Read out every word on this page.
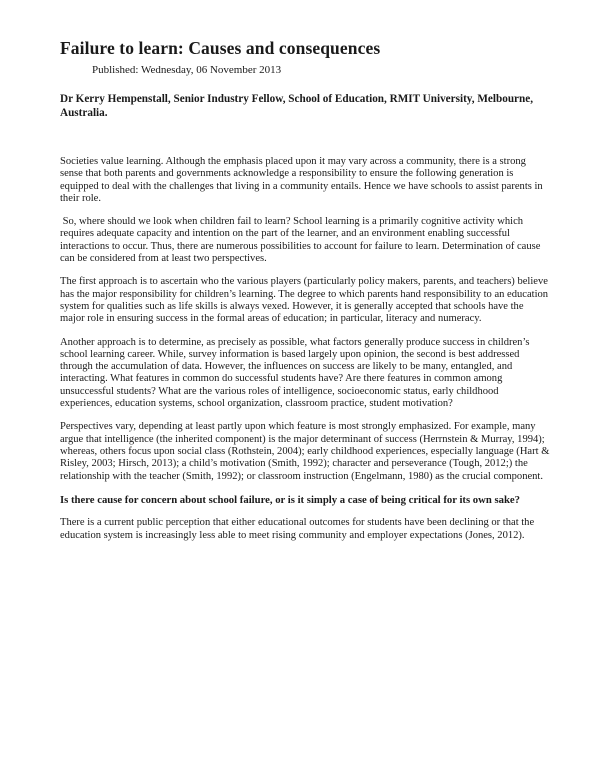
Failure to learn: Causes and consequences
Published: Wednesday, 06 November 2013
Dr Kerry Hempenstall, Senior Industry Fellow, School of Education, RMIT University, Melbourne, Australia.

Societies value learning. Although the emphasis placed upon it may vary across a community, there is a strong sense that both parents and governments acknowledge a responsibility to ensure the following generation is equipped to deal with the challenges that living in a community entails. Hence we have schools to assist parents in their role.

So, where should we look when children fail to learn? School learning is a primarily cognitive activity which requires adequate capacity and intention on the part of the learner, and an environment enabling successful interactions to occur. Thus, there are numerous possibilities to account for failure to learn. Determination of cause can be considered from at least two perspectives.

The first approach is to ascertain who the various players (particularly policy makers, parents, and teachers) believe has the major responsibility for children’s learning. The degree to which parents hand responsibility to an education system for qualities such as life skills is always vexed. However, it is generally accepted that schools have the major role in ensuring success in the formal areas of education; in particular, literacy and numeracy.

Another approach is to determine, as precisely as possible, what factors generally produce success in children’s school learning career. While, survey information is based largely upon opinion, the second is best addressed through the accumulation of data. However, the influences on success are likely to be many, entangled, and interacting. What features in common do successful students have? Are there features in common among unsuccessful students? What are the various roles of intelligence, socioeconomic status, early childhood experiences, education systems, school organization, classroom practice, student motivation?

Perspectives vary, depending at least partly upon which feature is most strongly emphasized. For example, many argue that intelligence (the inherited component) is the major determinant of success (Herrnstein & Murray, 1994); whereas, others focus upon social class (Rothstein, 2004); early childhood experiences, especially language (Hart & Risley, 2003; Hirsch, 2013); a child’s motivation (Smith, 1992); character and perseverance (Tough, 2012;) the relationship with the teacher (Smith, 1992); or classroom instruction (Engelmann, 1980) as the crucial component.

Is there cause for concern about school failure, or is it simply a case of being critical for its own sake?

There is a current public perception that either educational outcomes for students have been declining or that the education system is increasingly less able to meet rising community and employer expectations (Jones, 2012).
